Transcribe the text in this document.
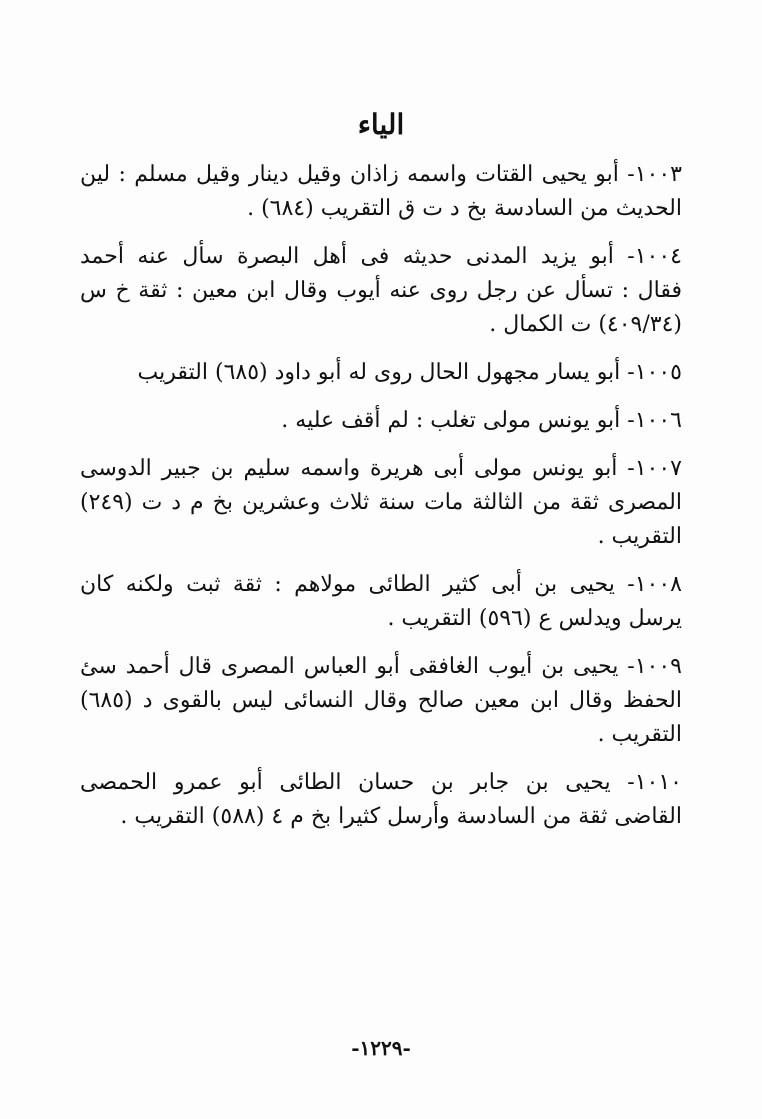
الياء
١٠٠٣- أبو يحيى القتات واسمه زاذان وقيل دينار وقيل مسلم : لين
الحديث من السادسة بخ د ت ق التقريب (٦٨٤) .
١٠٠٤- أبو يزيد المدنى حديثه فى أهل البصرة سأل عنه أحمد
فقال : تسأل عن رجل روى عنه أيوب وقال ابن معين : ثقة خ س
(٤٠٩/٣٤) ت الكمال .
١٠٠٥- أبو يسار مجهول الحال روى له أبو داود (٦٨٥) التقريب
١٠٠٦- أبو يونس مولى تغلب : لم أقف عليه .
١٠٠٧- أبو يونس مولى أبى هريرة واسمه سليم بن جبير الدوسى
المصرى ثقة من الثالثة مات سنة ثلاث وعشرين بخ م د ت (٢٤٩)
التقريب .
١٠٠٨- يحيى بن أبى كثير الطائى مولاهم : ثقة ثبت ولكنه كان
يرسل ويدلس ع (٥٩٦) التقريب .
١٠٠٩- يحيى بن أيوب الغافقى أبو العباس المصرى قال أحمد سئ
الحفظ وقال ابن معين صالح وقال النسائى ليس بالقوى د (٦٨٥)
التقريب .
١٠١٠- يحيى بن جابر بن حسان الطائى أبو عمرو الحمصى
القاضى ثقة من السادسة وأرسل كثيرا بخ م ٤ (٥٨٨) التقريب .
-١٢٢٩-
